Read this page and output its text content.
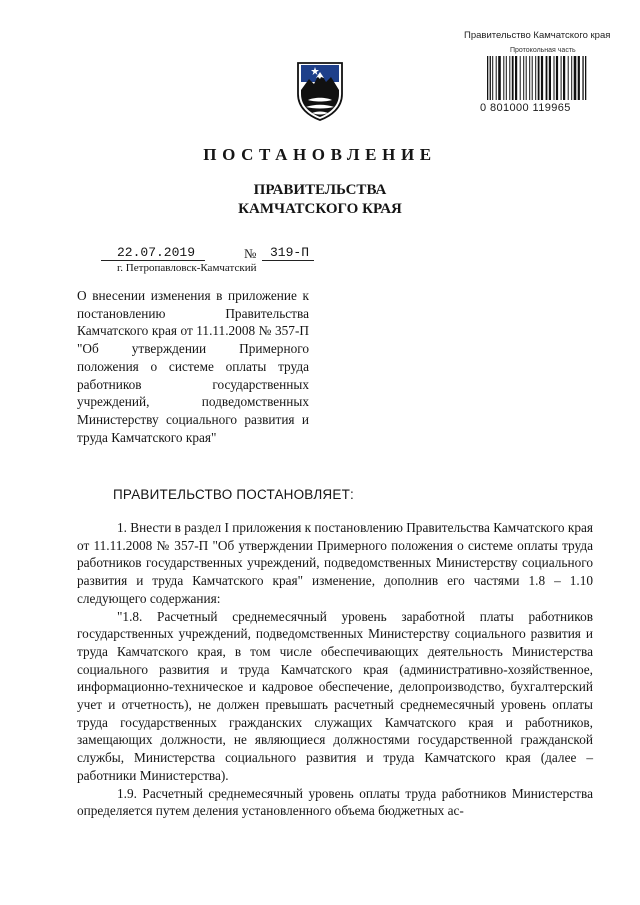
Правительство Камчатского края
Протокольная часть
0 801000 119965
ПОСТАНОВЛЕНИЕ
ПРАВИТЕЛЬСТВА
КАМЧАТСКОГО КРАЯ
22.07.2019	№ 319-П
г. Петропавловск-Камчатский
О внесении изменения в приложение к постановлению Правительства Камчатского края от 11.11.2008 № 357-П "Об утверждении Примерного положения о системе оплаты труда работников государственных учреждений, подведомственных Министерству социального развития и труда Камчатского края"
ПРАВИТЕЛЬСТВО ПОСТАНОВЛЯЕТ:

1. Внести в раздел I приложения к постановлению Правительства Камчатского края от 11.11.2008 № 357-П "Об утверждении Примерного положения о системе оплаты труда работников государственных учреждений, подведомственных Министерству социального развития и труда Камчатского края" изменение, дополнив его частями 1.8 – 1.10 следующего содержания:

"1.8. Расчетный среднемесячный уровень заработной платы работников государственных учреждений, подведомственных Министерству социального развития и труда Камчатского края, в том числе обеспечивающих деятельность Министерства социального развития и труда Камчатского края (административно-хозяйственное, информационно-техническое и кадровое обеспечение, делопроизводство, бухгалтерский учет и отчетность), не должен превышать расчетный среднемесячный уровень оплаты труда государственных гражданских служащих Камчатского края и работников, замещающих должности, не являющиеся должностями государственной гражданской службы, Министерства социального развития и труда Камчатского края (далее – работники Министерства).

1.9. Расчетный среднемесячный уровень оплаты труда работников Министерства определяется путем деления установленного объема бюджетных ас-
